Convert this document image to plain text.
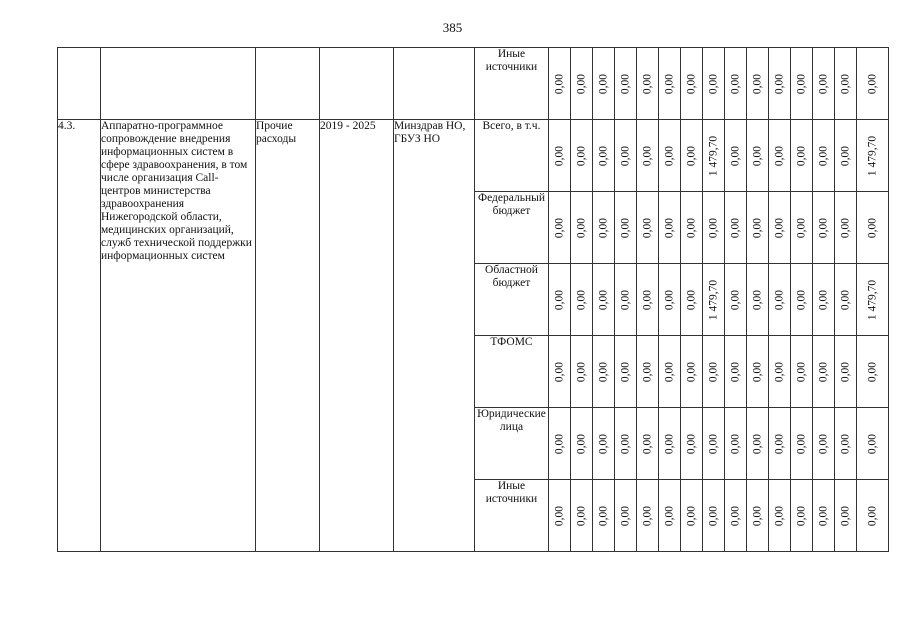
385
					Иные источники	0,00	0,00	0,00	0,00	0,00	0,00	0,00	0,00	0,00	0,00	0,00	0,00	0,00	0,00	0,00

4.3.	Аппаратно-программное сопровождение внедрения информационных систем в сфере здравоохранения, в том числе организация Call-центров министерства здравоохранения Нижегородской области, медицинских организаций, служб технической поддержки информационных систем	Прочие расходы	2019 - 2025	Минздрав НО, ГБУЗ НО	Всего, в т.ч.	0,00	0,00	0,00	0,00	0,00	0,00	0,00	1 479,70	0,00	0,00	0,00	0,00	0,00	0,00	1 479,70

					Федеральный бюджет	0,00	0,00	0,00	0,00	0,00	0,00	0,00	0,00	0,00	0,00	0,00	0,00	0,00	0,00	0,00

					Областной бюджет	0,00	0,00	0,00	0,00	0,00	0,00	0,00	1 479,70	0,00	0,00	0,00	0,00	0,00	0,00	1 479,70

					ТФОМС	0,00	0,00	0,00	0,00	0,00	0,00	0,00	0,00	0,00	0,00	0,00	0,00	0,00	0,00	0,00

					Юридические лица	0,00	0,00	0,00	0,00	0,00	0,00	0,00	0,00	0,00	0,00	0,00	0,00	0,00	0,00	0,00

					Иные источники	0,00	0,00	0,00	0,00	0,00	0,00	0,00	0,00	0,00	0,00	0,00	0,00	0,00	0,00	0,00
